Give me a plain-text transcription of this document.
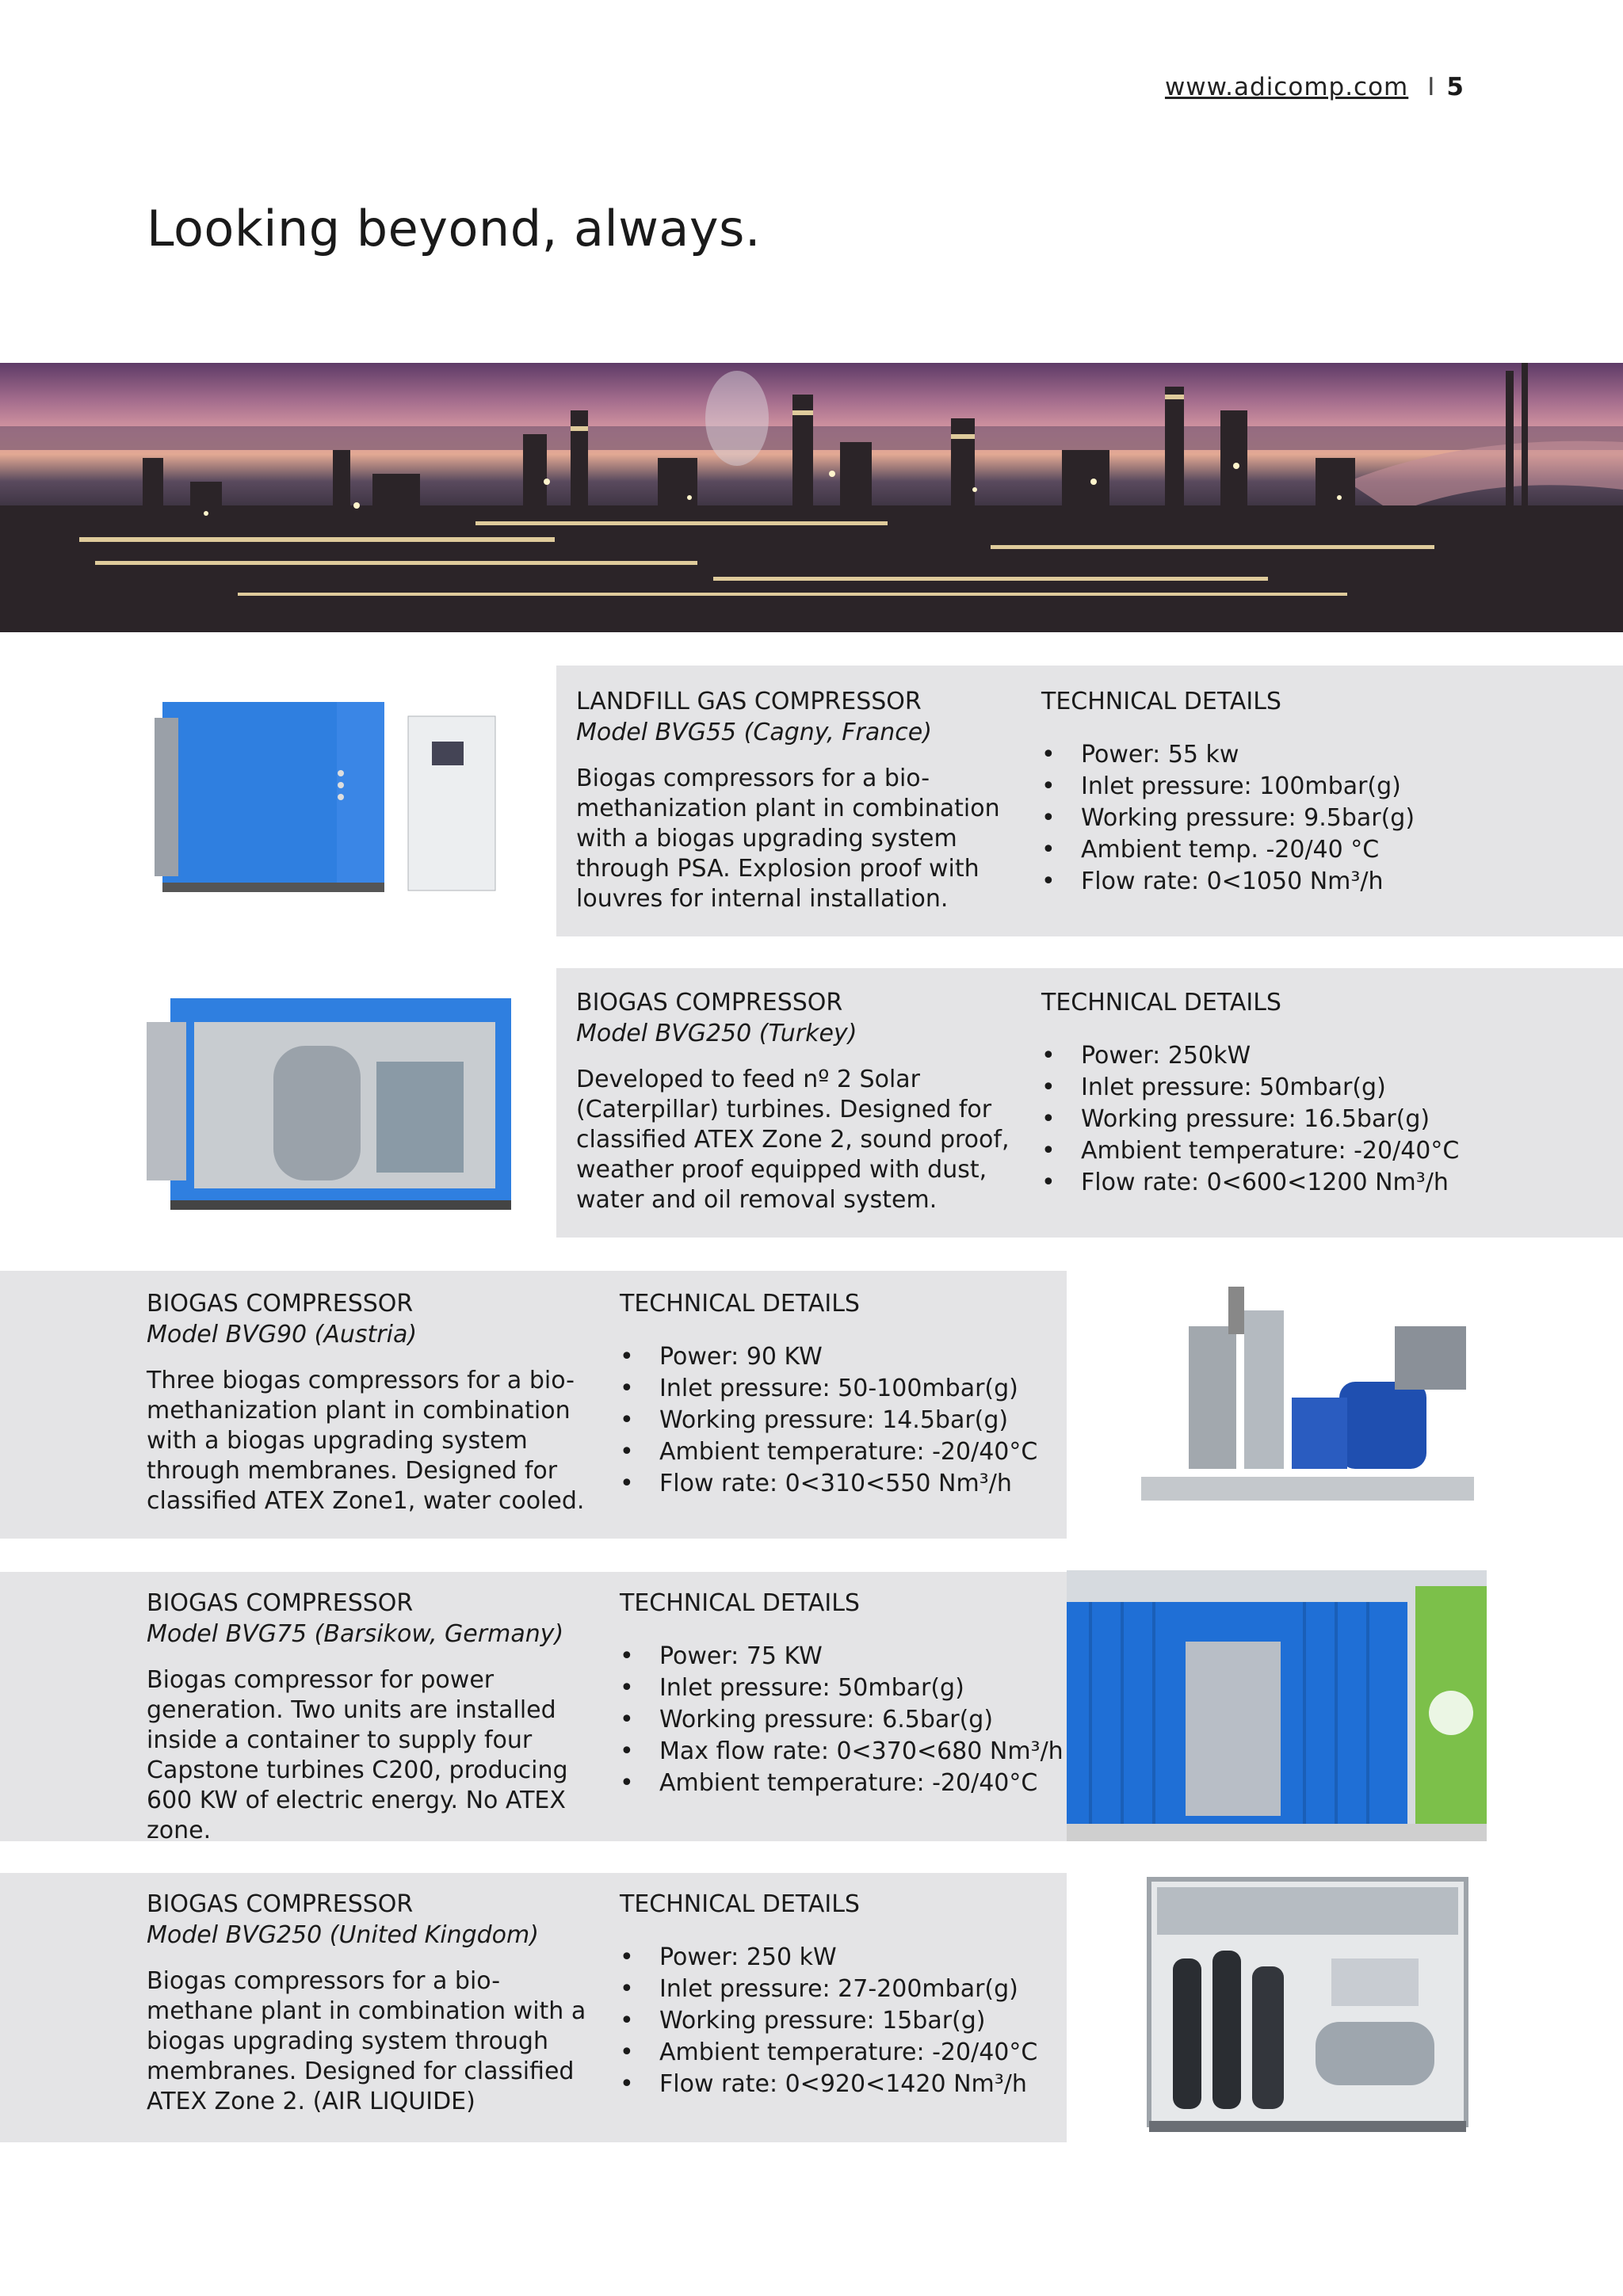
www.adicomp.com I 5
Looking beyond, always.
LANDFILL GAS COMPRESSOR
Model BVG55 (Cagny, France)
Biogas compressors for a bio-methanization plant in combination with a biogas upgrading system through PSA. Explosion proof with louvres for internal installation.
TECHNICAL DETAILS
• Power: 55 kw
• Inlet pressure: 100mbar(g)
• Working pressure: 9.5bar(g)
• Ambient temp. -20/40 °C
• Flow rate: 0<1050 Nm³/h
BIOGAS COMPRESSOR
Model BVG250 (Turkey)
Developed to feed nº 2 Solar (Caterpillar) turbines. Designed for classified ATEX Zone 2, sound proof, weather proof equipped with dust, water and oil removal system.
TECHNICAL DETAILS
• Power: 250kW
• Inlet pressure: 50mbar(g)
• Working pressure: 16.5bar(g)
• Ambient temperature: -20/40°C
• Flow rate: 0<600<1200 Nm³/h
BIOGAS COMPRESSOR
Model BVG90 (Austria)
Three biogas compressors for a bio-methanization plant in combination with a biogas upgrading system through membranes. Designed for classified ATEX Zone1, water cooled.
TECHNICAL DETAILS
• Power: 90 KW
• Inlet pressure: 50-100mbar(g)
• Working pressure: 14.5bar(g)
• Ambient temperature: -20/40°C
• Flow rate: 0<310<550 Nm³/h
BIOGAS COMPRESSOR
Model BVG75 (Barsikow, Germany)
Biogas compressor for power generation. Two units are installed inside a container to supply four Capstone turbines C200, producing 600 KW of electric energy. No ATEX zone.
TECHNICAL DETAILS
• Power: 75 KW
• Inlet pressure: 50mbar(g)
• Working pressure: 6.5bar(g)
• Max flow rate: 0<370<680 Nm³/h
• Ambient temperature: -20/40°C
BIOGAS COMPRESSOR
Model BVG250 (United Kingdom)
Biogas compressors for a bio-methane plant in combination with a biogas upgrading system through membranes. Designed for classified ATEX Zone 2. (AIR LIQUIDE)
TECHNICAL DETAILS
• Power: 250 kW
• Inlet pressure: 27-200mbar(g)
• Working pressure: 15bar(g)
• Ambient temperature: -20/40°C
• Flow rate: 0<920<1420 Nm³/h
